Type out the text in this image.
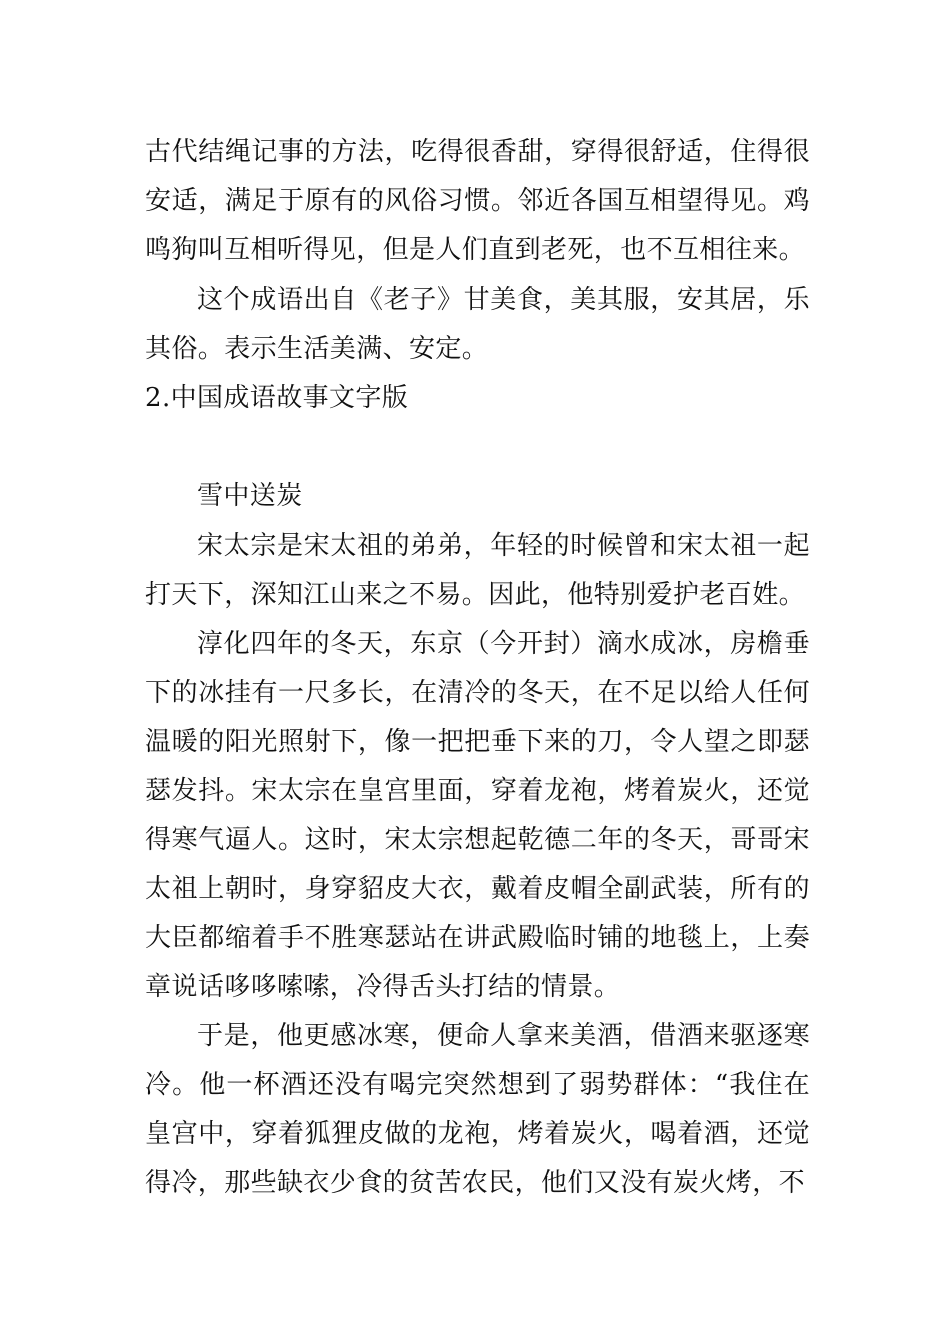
古代结绳记事的方法，吃得很香甜，穿得很舒适，住得很安适，满足于原有的风俗习惯。邻近各国互相望得见。鸡鸣狗叫互相听得见，但是人们直到老死，也不互相往来。

这个成语出自《老子》甘美食，美其服，安其居，乐其俗。表示生活美满、安定。

2.中国成语故事文字版

雪中送炭

宋太宗是宋太祖的弟弟，年轻的时候曾和宋太祖一起打天下，深知江山来之不易。因此，他特别爱护老百姓。

淳化四年的冬天，东京（今开封）滴水成冰，房檐垂下的冰挂有一尺多长，在清冷的冬天，在不足以给人任何温暖的阳光照射下，像一把把垂下来的刀，令人望之即瑟瑟发抖。宋太宗在皇宫里面，穿着龙袍，烤着炭火，还觉得寒气逼人。这时，宋太宗想起乾德二年的冬天，哥哥宋太祖上朝时，身穿貂皮大衣，戴着皮帽全副武装，所有的大臣都缩着手不胜寒瑟站在讲武殿临时铺的地毯上，上奏章说话哆哆嗦嗦，冷得舌头打结的情景。

于是，他更感冰寒，便命人拿来美酒，借酒来驱逐寒冷。他一杯酒还没有喝完突然想到了弱势群体：“我住在皇宫中，穿着狐狸皮做的龙袍，烤着炭火，喝着酒，还觉得冷，那些缺衣少食的贫苦农民，他们又没有炭火烤，不
